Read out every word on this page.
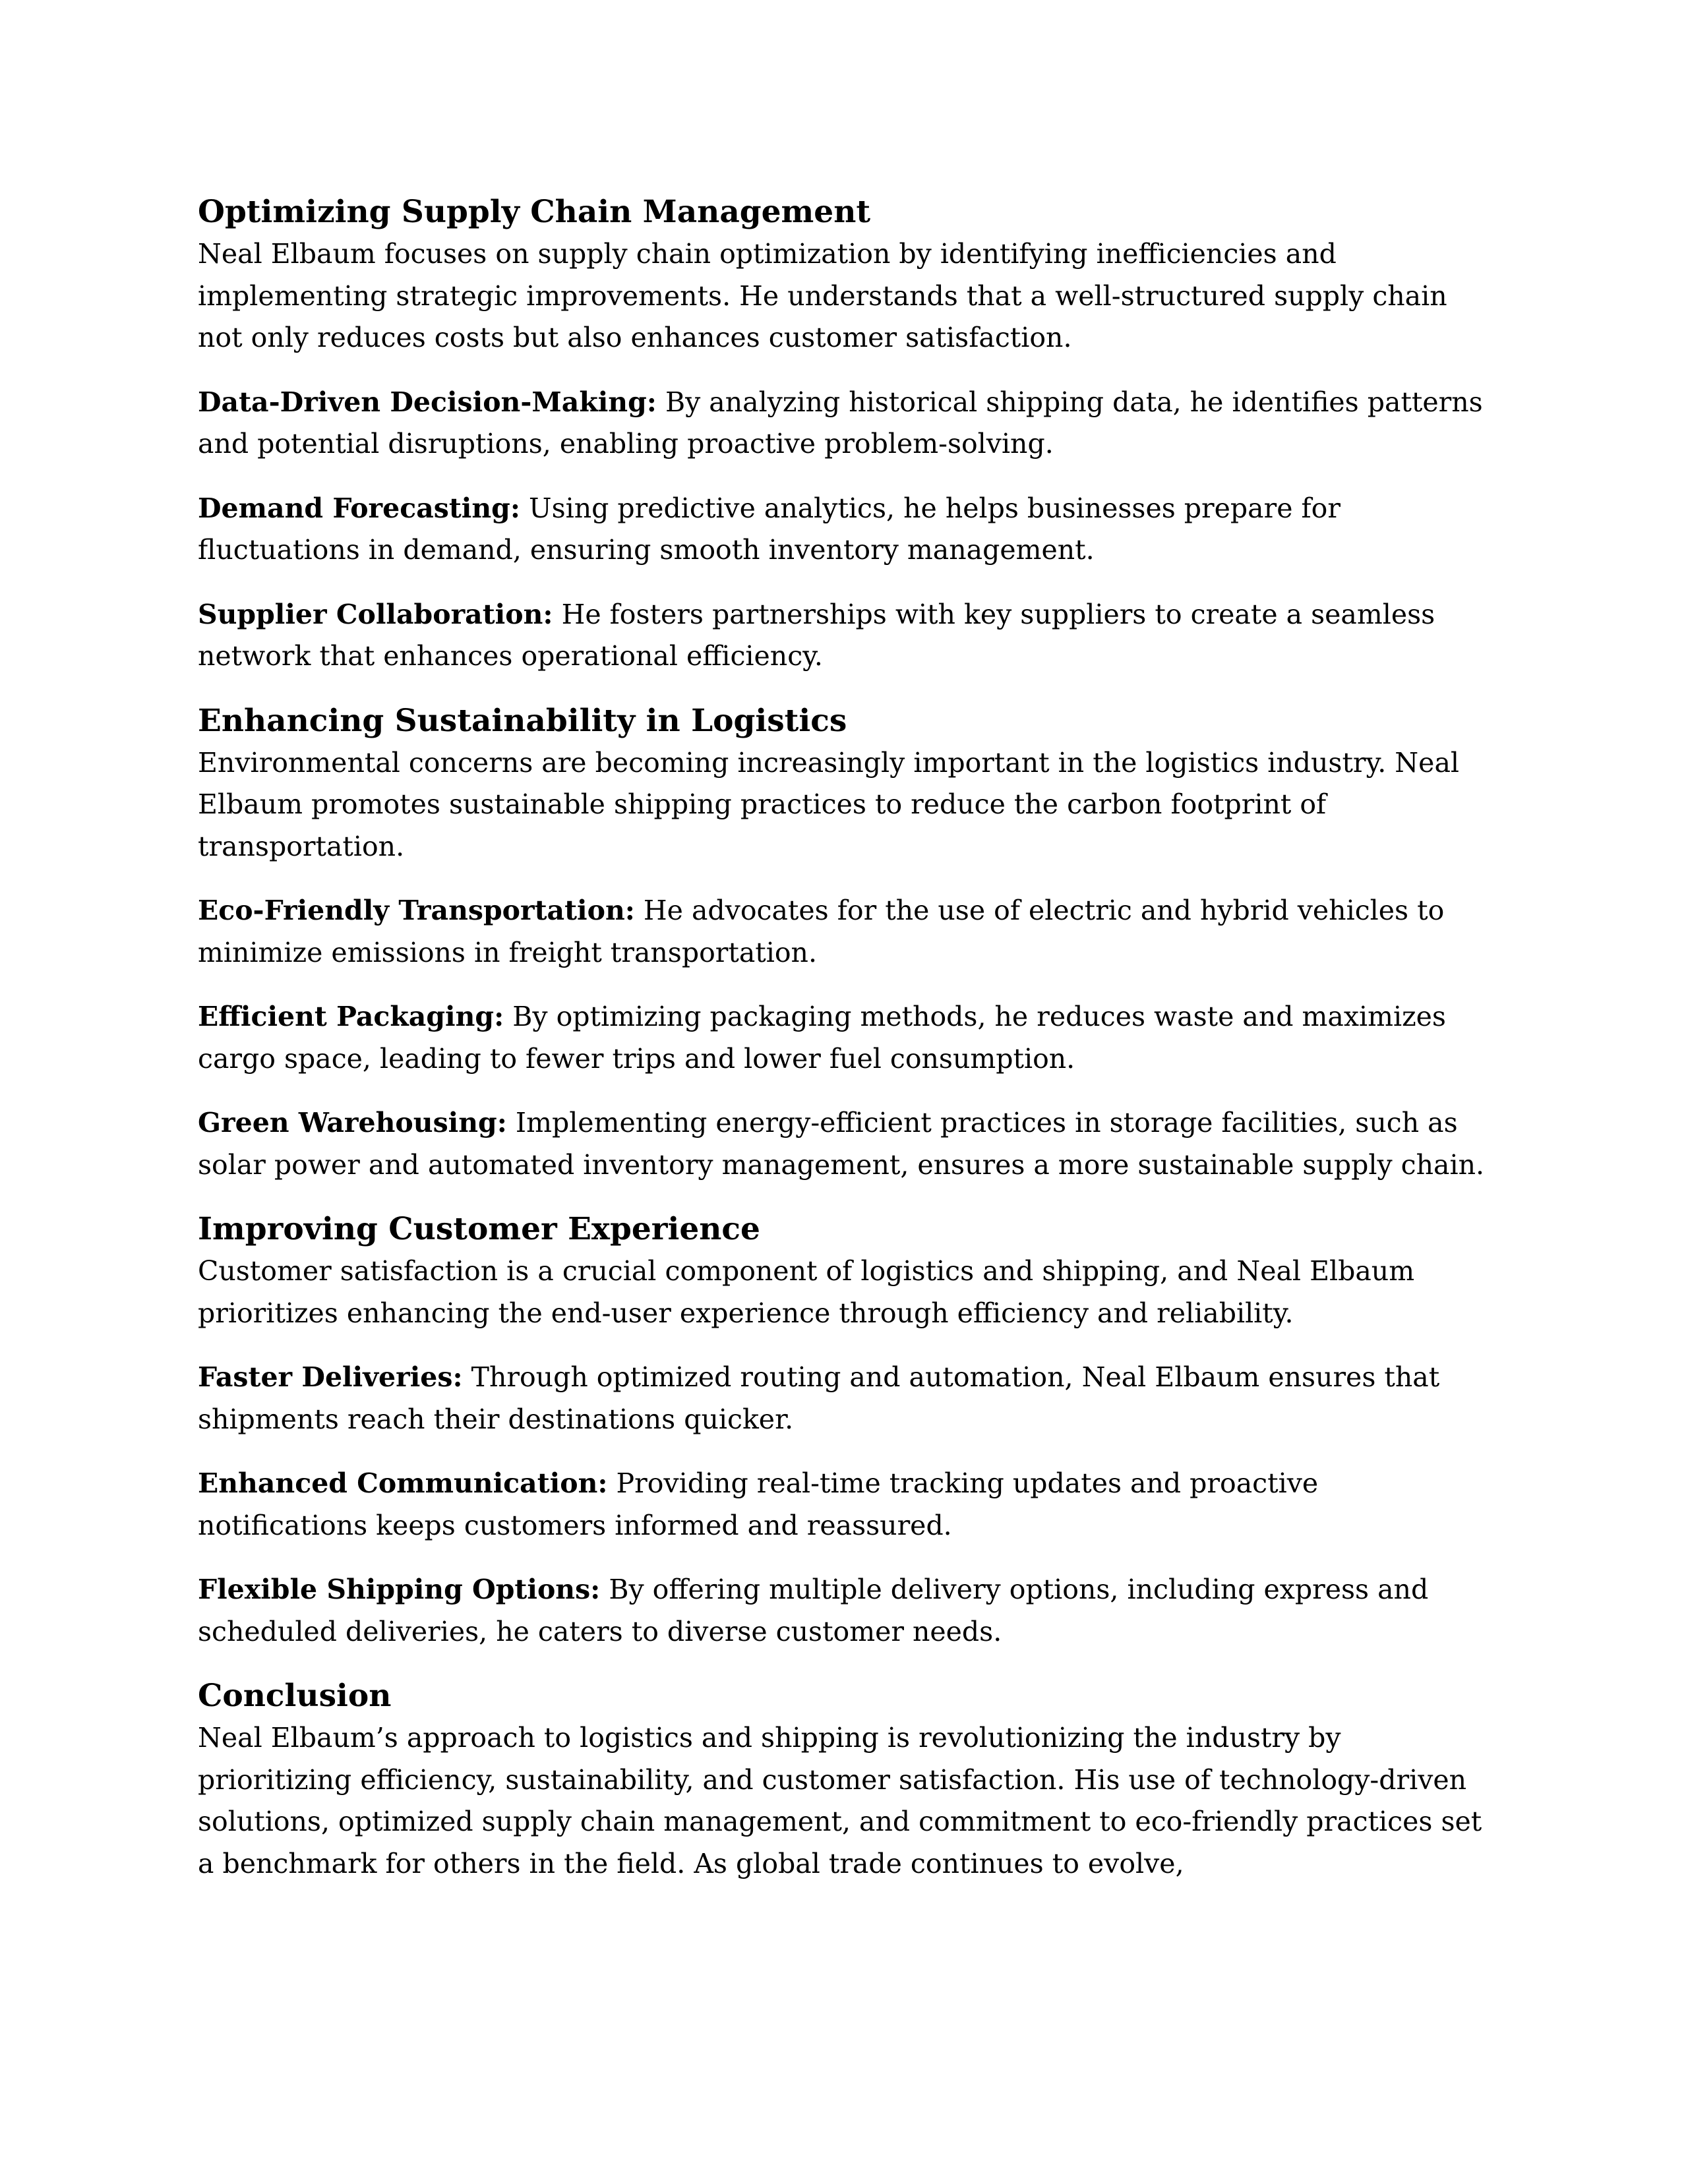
Optimizing Supply Chain Management

Neal Elbaum focuses on supply chain optimization by identifying inefficiencies and implementing strategic improvements. He understands that a well-structured supply chain not only reduces costs but also enhances customer satisfaction.

Data-Driven Decision-Making: By analyzing historical shipping data, he identifies patterns and potential disruptions, enabling proactive problem-solving.

Demand Forecasting: Using predictive analytics, he helps businesses prepare for fluctuations in demand, ensuring smooth inventory management.

Supplier Collaboration: He fosters partnerships with key suppliers to create a seamless network that enhances operational efficiency.

Enhancing Sustainability in Logistics

Environmental concerns are becoming increasingly important in the logistics industry. Neal Elbaum promotes sustainable shipping practices to reduce the carbon footprint of transportation.

Eco-Friendly Transportation: He advocates for the use of electric and hybrid vehicles to minimize emissions in freight transportation.

Efficient Packaging: By optimizing packaging methods, he reduces waste and maximizes cargo space, leading to fewer trips and lower fuel consumption.

Green Warehousing: Implementing energy-efficient practices in storage facilities, such as solar power and automated inventory management, ensures a more sustainable supply chain.

Improving Customer Experience

Customer satisfaction is a crucial component of logistics and shipping, and Neal Elbaum prioritizes enhancing the end-user experience through efficiency and reliability.

Faster Deliveries: Through optimized routing and automation, Neal Elbaum ensures that shipments reach their destinations quicker.

Enhanced Communication: Providing real-time tracking updates and proactive notifications keeps customers informed and reassured.

Flexible Shipping Options: By offering multiple delivery options, including express and scheduled deliveries, he caters to diverse customer needs.

Conclusion

Neal Elbaum’s approach to logistics and shipping is revolutionizing the industry by prioritizing efficiency, sustainability, and customer satisfaction. His use of technology-driven solutions, optimized supply chain management, and commitment to eco-friendly practices set a benchmark for others in the field. As global trade continues to evolve,
